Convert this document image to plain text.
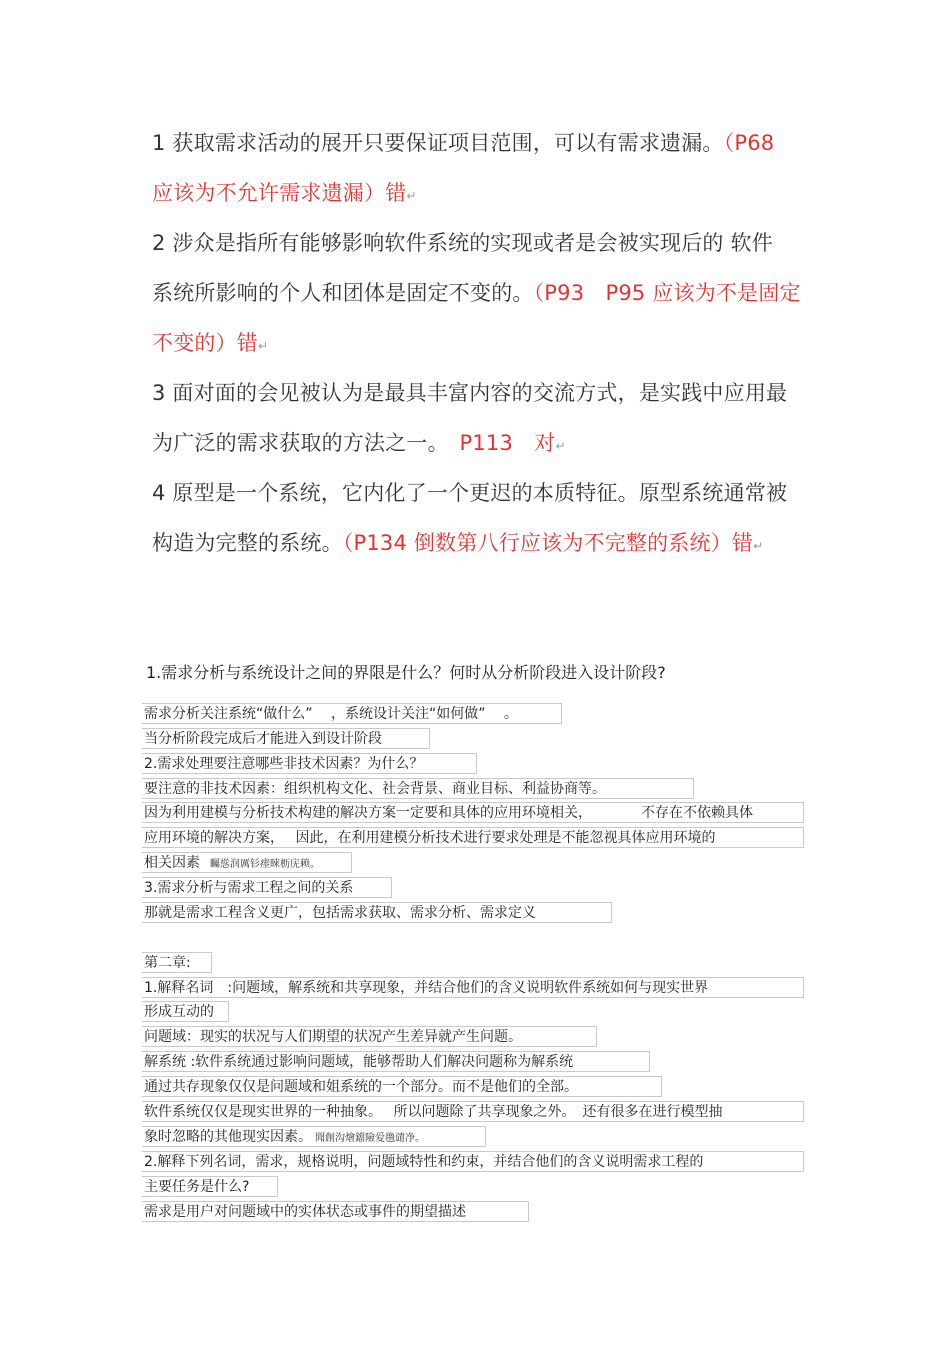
1 获取需求活动的展开只要保证项目范围，可以有需求遗漏。（P68
应该为不允许需求遗漏）错↵
2 涉众是指所有能够影响软件系统的实现或者是会被实现后的 软件
系统所影响的个人和团体是固定不变的。（P93　P95 应该为不是固定
不变的）错↵
3 面对面的会见被认为是最具丰富内容的交流方式，是实践中应用最
为广泛的需求获取的方法之一。　P113　对↵
4 原型是一个系统，它内化了一个更迟的本质特征。原型系统通常被
构造为完整的系统。（P134 倒数第八行应该为不完整的系统）错↵
1.需求分析与系统设计之间的界限是什么？何时从分析阶段进入设计阶段?
需求分析关注系统“做什么”　 ，系统设计关注“如何做”　 。
当分析阶段完成后才能进入到设计阶段
2.需求处理要注意哪些非技术因素？为什么？
要注意的非技术因素：组织机构文化、社会背景、商业目标、利益协商等。
因为利用建模与分析技术构建的解决方案一定要和具体的应用环境相关，　　　　不存在不依赖具体
应用环境的解决方案，　 因此，在利用建模分析技术进行要求处理是不能忽视具体应用环境的
相关因素　矚慫润厲钐瘗睞枥庑赖。
3.需求分析与需求工程之间的关系
那就是需求工程含义更广，包括需求获取、需求分析、需求定义
第二章:
1.解释名词　:问题域，解系统和共享现象，并结合他们的含义说明软件系统如何与现实世界
形成互动的
问题域：现实的状况与人们期望的状况产生差异就产生问题。
解系统 :软件系统通过影响问题域，能够帮助人们解决问题称为解系统
通过共存现象仅仅是问题域和姐系统的一个部分。而不是他们的全部。
软件系统仅仅是现实世界的一种抽象。　 所以问题除了共享现象之外。　还有很多在进行模型抽
象时忽略的其他现实因素。　聞創沟燴鐺險爱氇谴净。
2.解释下列名词，需求，规格说明，问题域特性和约束，并结合他们的含义说明需求工程的
主要任务是什么?
需求是用户对问题域中的实体状态或事件的期望描述
